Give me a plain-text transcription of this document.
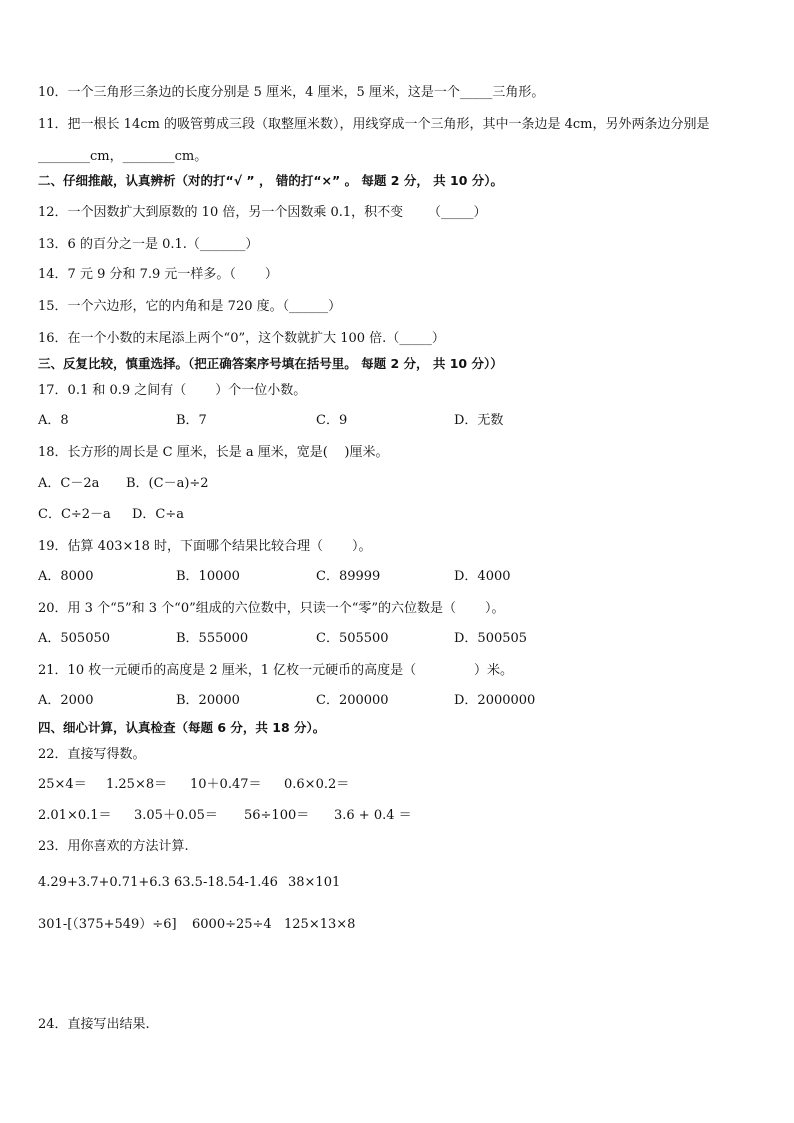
10．一个三角形三条边的长度分别是 5 厘米，4 厘米，5 厘米，这是一个_____三角形。
11．把一根长 14cm 的吸管剪成三段（取整厘米数），用线穿成一个三角形，其中一条边是 4cm，另外两条边分别是
________cm，________cm。
二、仔细推敲，认真辨析（对的打“√ ” ， 错的打“×” 。 每题 2 分， 共 10 分）。
12．一个因数扩大到原数的 10 倍，另一个因数乘 0.1，积不变      （_____）
13．6 的百分之一是 0.1.（_______）
14．7 元 9 分和 7.9 元一样多。（       ）
15．一个六边形，它的内角和是 720 度。（______）
16．在一个小数的末尾添上两个“0”，这个数就扩大 100 倍.（_____）
三、反复比较，慎重选择。（把正确答案序号填在括号里。 每题 2 分， 共 10 分））
17．0.1 和 0.9 之间有（       ）个一位小数。
A．8	B．7	C．9	D．无数
18．长方形的周长是 C 厘米，长是 a 厘米，宽是(    )厘米。
A．C－2a B．(C－a)÷2
C．C÷2－a D．C÷a
19．估算 403×18 时，下面哪个结果比较合理（       ）。
A．8000	B．10000	C．89999	D．4000
20．用 3 个“5”和 3 个“0”组成的六位数中，只读一个“零”的六位数是（       ）。
A．505050	B．555000	C．505500	D．500505
21．10 枚一元硬币的高度是 2 厘米，1 亿枚一元硬币的高度是（              ）米。
A．2000	B．20000	C．200000	D．2000000
四、细心计算，认真检查（每题 6 分，共 18 分）。
22．直接写得数。
25×4＝ 1.25×8＝ 10＋0.47＝ 0.6×0.2＝
2.01×0.1＝ 3.05＋0.05＝ 56÷100＝ 3.6 + 0.4 ＝
23．用你喜欢的方法计算.
4.29+3.7+0.71+6.3 63.5-18.54-1.46 38×101
301-[（375+549）÷6] 6000÷25÷4 125×13×8
24．直接写出结果.
